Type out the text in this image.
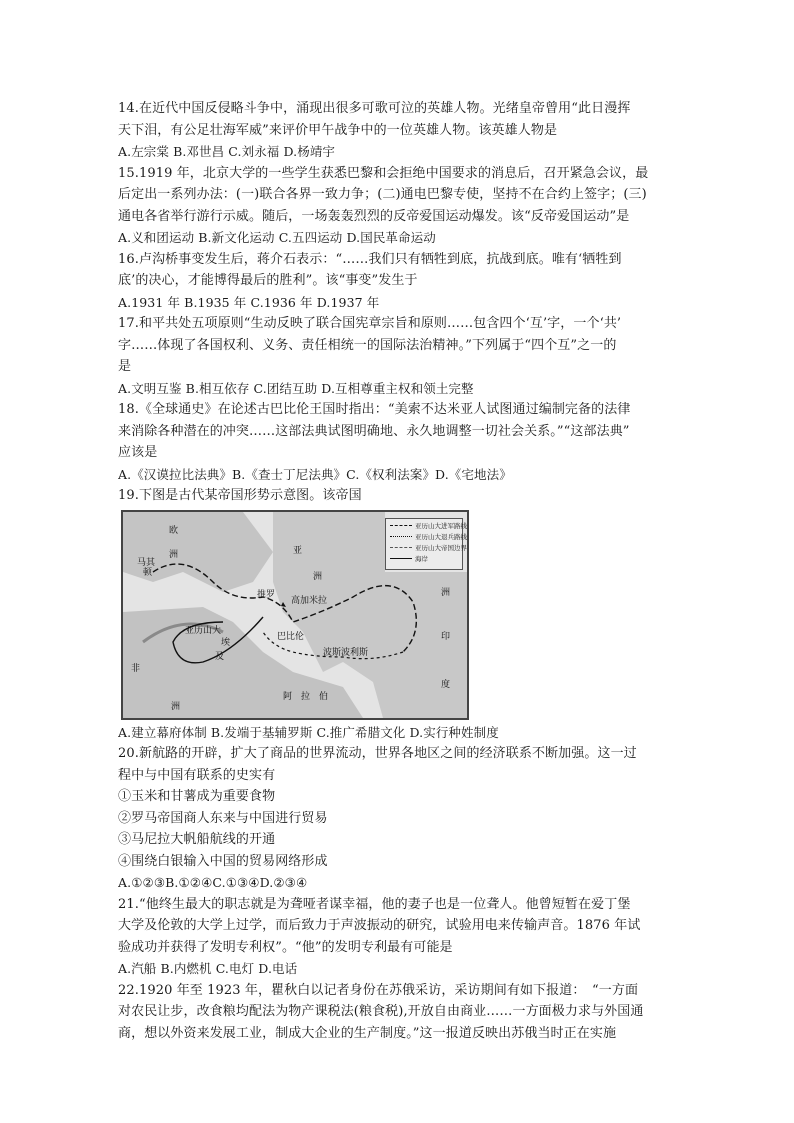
14.在近代中国反侵略斗争中，涌现出很多可歌可泣的英雄人物。光绪皇帝曾用“此日漫挥
天下泪，有公足壮海军威”来评价甲午战争中的一位英雄人物。该英雄人物是
A.左宗棠 B.邓世昌 C.刘永福 D.杨靖宇
15.1919 年，北京大学的一些学生获悉巴黎和会拒绝中国要求的消息后，召开紧急会议，最
后定出一系列办法：(一)联合各界一致力争；(二)通电巴黎专使，坚持不在合约上签字；(三)
通电各省举行游行示威。随后，一场轰轰烈烈的反帝爱国运动爆发。该“反帝爱国运动”是
A.义和团运动 B.新文化运动 C.五四运动 D.国民革命运动
16.卢沟桥事变发生后，蒋介石表示：“……我们只有牺牲到底，抗战到底。唯有‘牺牲到
底’的决心，才能博得最后的胜利”。该“事变”发生于
A.1931 年 B.1935 年 C.1936 年 D.1937 年
17.和平共处五项原则“生动反映了联合国宪章宗旨和原则……包含四个‘互’字，一个‘共’
字……体现了各国权利、义务、责任相统一的国际法治精神。”下列属于“四个互”之一的
是
A.文明互鉴 B.相互依存 C.团结互助 D.互相尊重主权和领土完整
18.《全球通史》在论述古巴比伦王国时指出：“美索不达米亚人试图通过编制完备的法律
来消除各种潜在的冲突……这部法典试图明确地、永久地调整一切社会关系。”“这部法典”
应该是
A.《汉谟拉比法典》B.《查士丁尼法典》C.《权利法案》D.《宅地法》
19.下图是古代某帝国形势示意图。该帝国
欧
洲
马其
顿
亚
洲
洲
印
度
亚历山大
埃
及
巴比伦
波斯波利斯
阿　拉　伯
非
洲
高加米拉
推罗
亚历山大进军路线
亚历山大退兵路线
亚历山大帝国边界
海岸
A.建立幕府体制 B.发端于基辅罗斯 C.推广希腊文化 D.实行种姓制度
20.新航路的开辟，扩大了商品的世界流动，世界各地区之间的经济联系不断加强。这一过
程中与中国有联系的史实有
①玉米和甘薯成为重要食物
②罗马帝国商人东来与中国进行贸易
③马尼拉大帆船航线的开通
④围绕白银输入中国的贸易网络形成
A.①②③B.①②④C.①③④D.②③④
21.“他终生最大的职志就是为聋哑者谋幸福，他的妻子也是一位聋人。他曾短暂在爱丁堡
大学及伦敦的大学上过学，而后致力于声波振动的研究，试验用电来传输声音。1876 年试
验成功并获得了发明专利权”。“他”的发明专利最有可能是
A.汽船 B.内燃机 C.电灯 D.电话
22.1920 年至 1923 年，瞿秋白以记者身份在苏俄采访，采访期间有如下报道：　“一方面
对农民让步，改食粮均配法为物产课税法(粮食税),开放自由商业……一方面极力求与外国通
商，想以外资来发展工业，制成大企业的生产制度。”这一报道反映出苏俄当时正在实施
